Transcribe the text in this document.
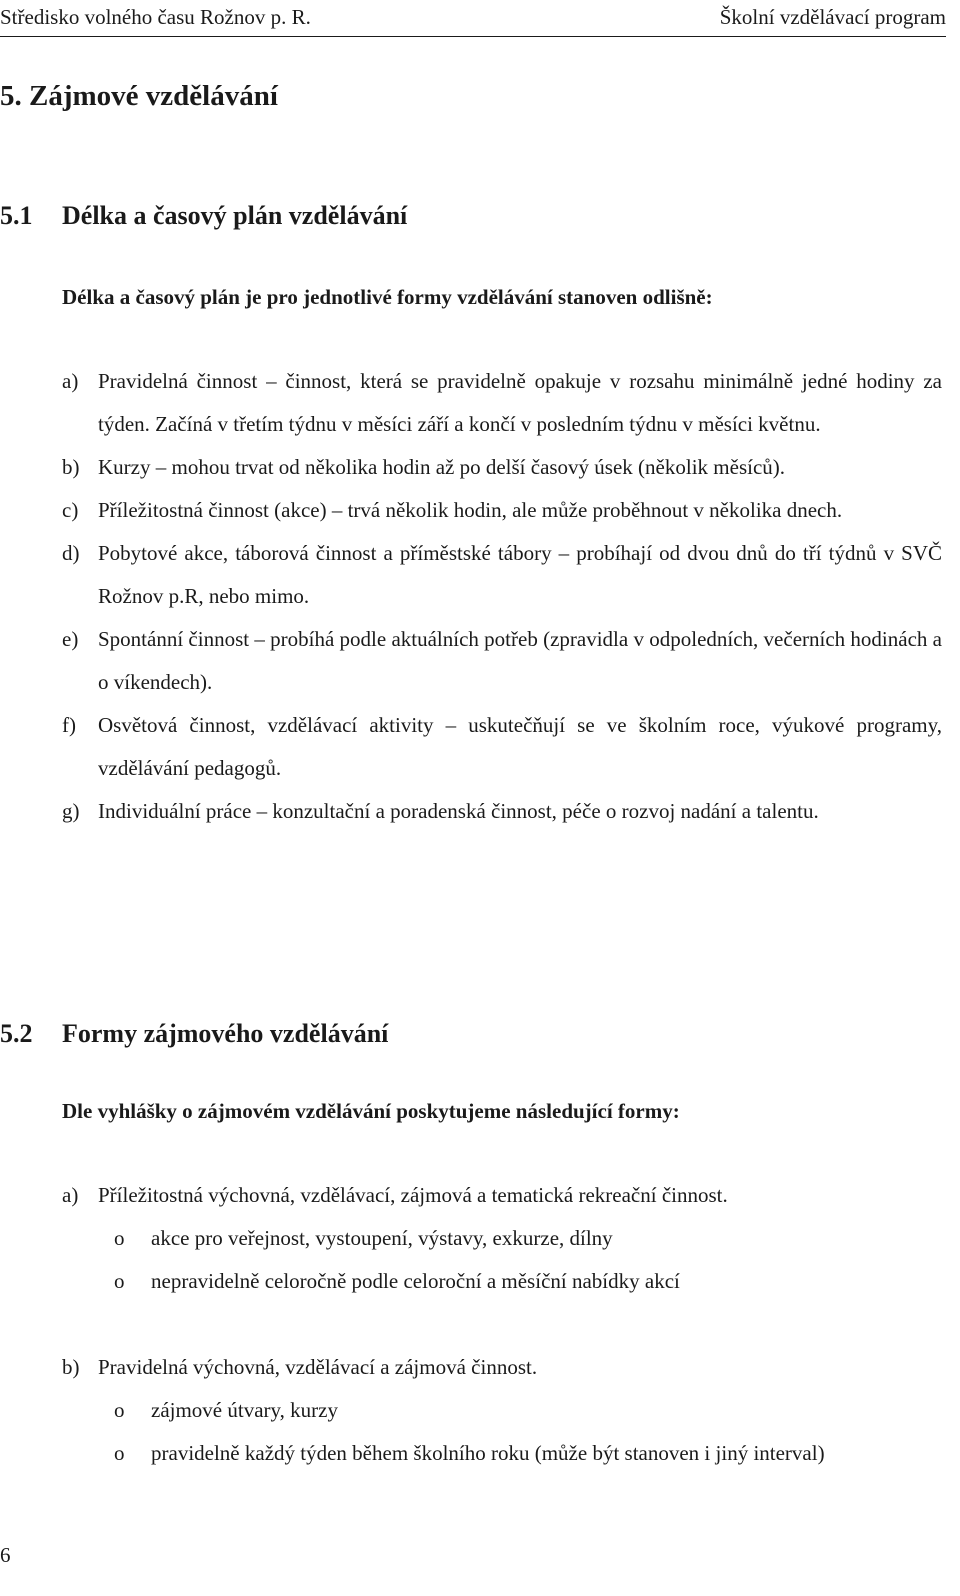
Středisko volného času Rožnov p. R.	Školní vzdělávací program
5. Zájmové vzdělávání
5.1 Délka a časový plán vzdělávání
Délka a časový plán je pro jednotlivé formy vzdělávání stanoven odlišně:
a) Pravidelná činnost – činnost, která se pravidelně opakuje v rozsahu minimálně jedné hodiny za týden. Začíná v třetím týdnu v měsíci září a končí v posledním týdnu v měsíci květnu.
b) Kurzy – mohou trvat od několika hodin až po delší časový úsek (několik měsíců).
c) Příležitostná činnost (akce) – trvá několik hodin, ale může proběhnout v několika dnech.
d) Pobytové akce, táborová činnost a příměstské tábory – probíhají od dvou dnů do tří týdnů v SVČ Rožnov p.R, nebo mimo.
e) Spontánní činnost – probíhá podle aktuálních potřeb (zpravidla v odpoledních, večerních hodinách a o víkendech).
f) Osvětová činnost, vzdělávací aktivity – uskutečňují se ve školním roce, výukové programy, vzdělávání pedagogů.
g) Individuální práce – konzultační a poradenská činnost, péče o rozvoj nadání a talentu.
5.2 Formy zájmového vzdělávání
Dle vyhlášky o zájmovém vzdělávání poskytujeme následující formy:
a) Příležitostná výchovná, vzdělávací, zájmová a tematická rekreační činnost.
o akce pro veřejnost, vystoupení, výstavy, exkurze, dílny
o nepravidelně celoročně podle celoroční a měsíční nabídky akcí
b) Pravidelná výchovná, vzdělávací a zájmová činnost.
o zájmové útvary, kurzy
o pravidelně každý týden během školního roku (může být stanoven i jiný interval)
6
